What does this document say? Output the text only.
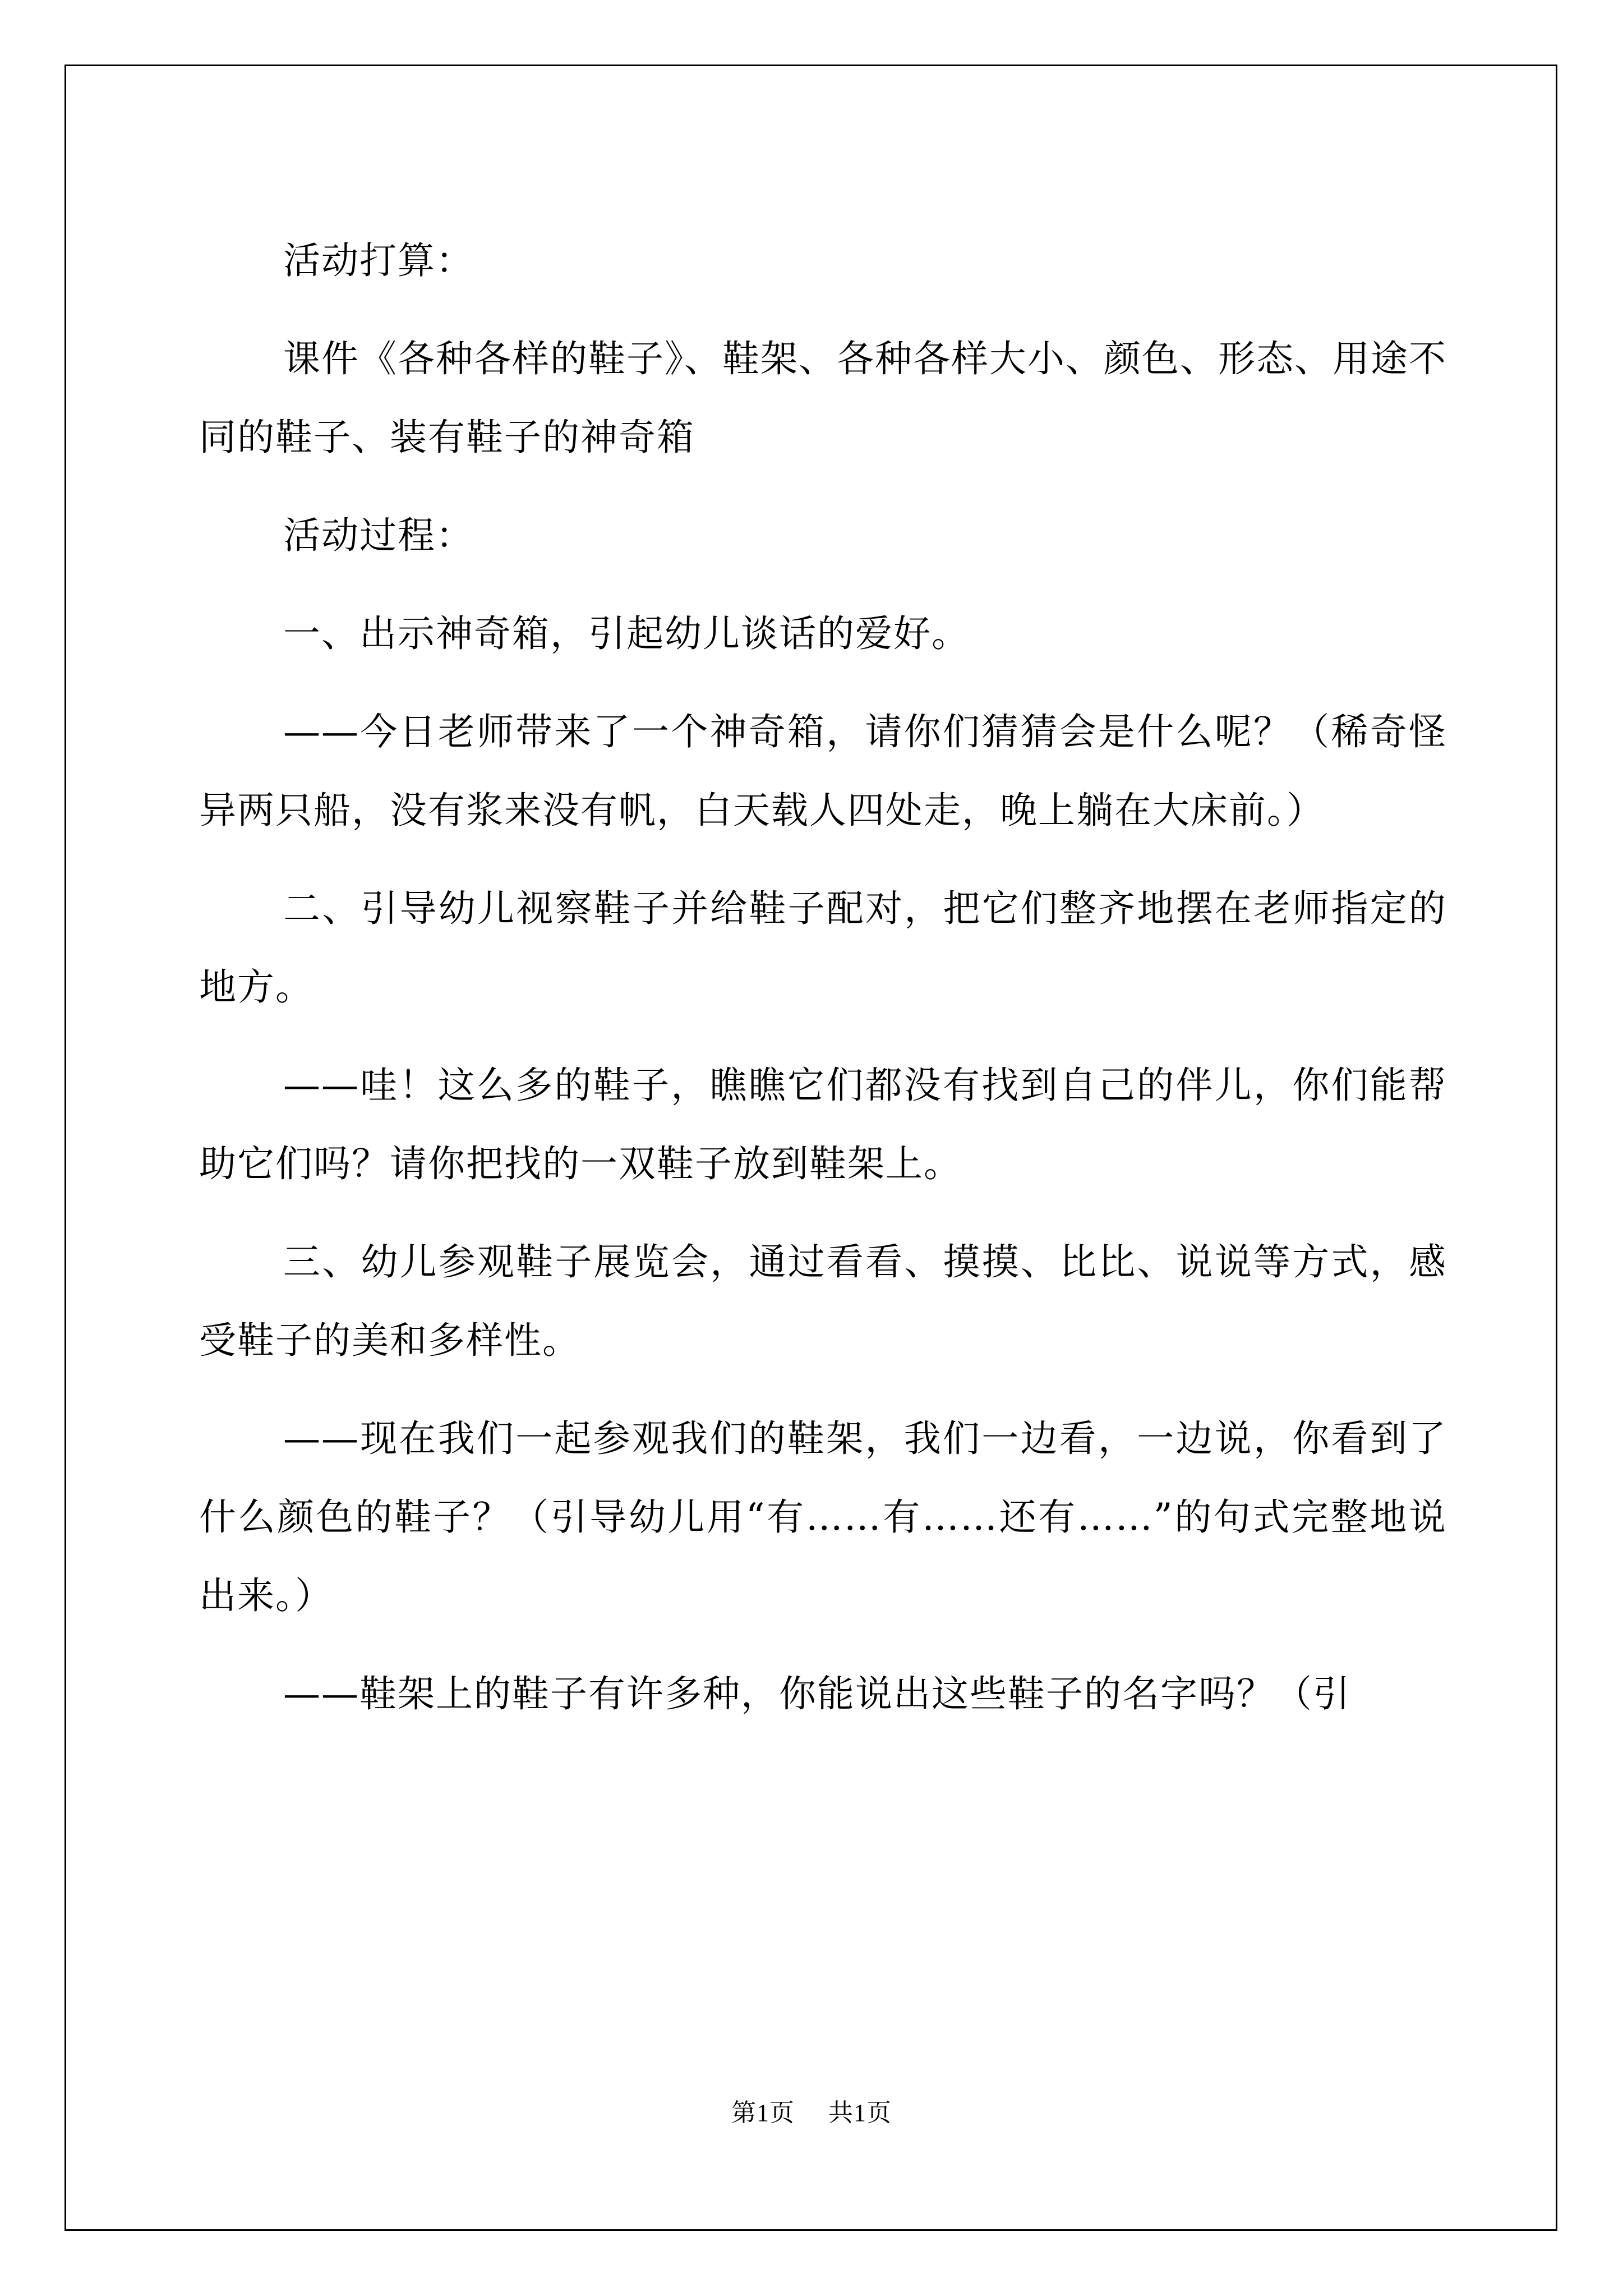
活动打算：

课件《各种各样的鞋子》、鞋架、各种各样大小、颜色、形态、用途不同的鞋子、装有鞋子的神奇箱

活动过程：

一、出示神奇箱，引起幼儿谈话的爱好。

——今日老师带来了一个神奇箱，请你们猜猜会是什么呢？（稀奇怪异两只船，没有浆来没有帆，白天载人四处走，晚上躺在大床前。）

二、引导幼儿视察鞋子并给鞋子配对，把它们整齐地摆在老师指定的地方。

——哇！这么多的鞋子，瞧瞧它们都没有找到自己的伴儿，你们能帮助它们吗？请你把找的一双鞋子放到鞋架上。

三、幼儿参观鞋子展览会，通过看看、摸摸、比比、说说等方式，感受鞋子的美和多样性。

——现在我们一起参观我们的鞋架，我们一边看，一边说，你看到了什么颜色的鞋子？（引导幼儿用“有……有……还有……”的句式完整地说出来。）

——鞋架上的鞋子有许多种，你能说出这些鞋子的名字吗？（引

第1页 共1页
